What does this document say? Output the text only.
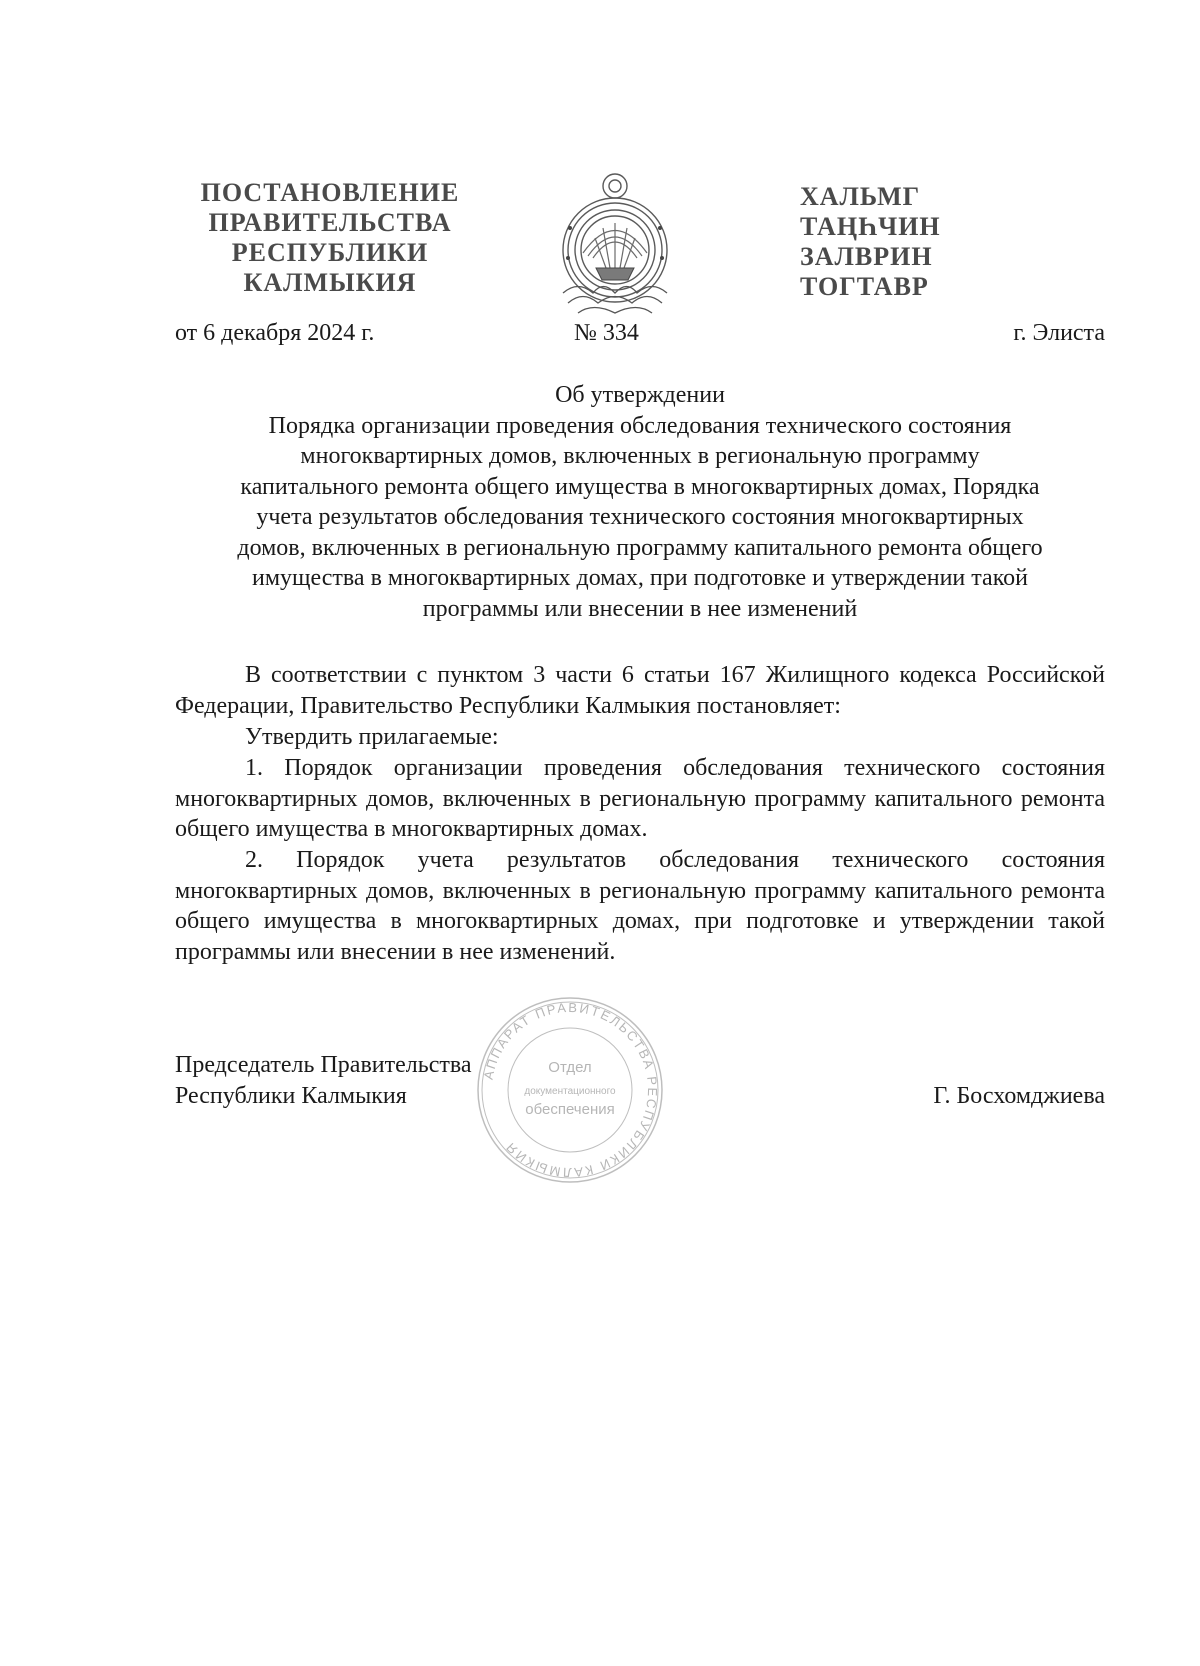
ПОСТАНОВЛЕНИЕ
ПРАВИТЕЛЬСТВА
РЕСПУБЛИКИ
КАЛМЫКИЯ
ХАЛЬМГ
ТАҢҺЧИН
ЗАЛВРИН
ТОГТАВР
от 6 декабря 2024 г.	№ 334	г. Элиста
Об утверждении
Порядка организации проведения обследования технического состояния
многоквартирных домов, включенных в региональную программу
капитального ремонта общего имущества в многоквартирных домах, Порядка
учета результатов обследования технического состояния многоквартирных
домов, включенных в региональную программу капитального ремонта общего
имущества в многоквартирных домах, при подготовке и утверждении такой
программы или внесении в нее изменений
В соответствии с пунктом 3 части 6 статьи 167 Жилищного кодекса Российской Федерации, Правительство Республики Калмыкия постановляет:
Утвердить прилагаемые:
1. Порядок организации проведения обследования технического состояния многоквартирных домов, включенных в региональную программу капитального ремонта общего имущества в многоквартирных домах.
2. Порядок учета результатов обследования технического состояния многоквартирных домов, включенных в региональную программу капитального ремонта общего имущества в многоквартирных домах, при подготовке и утверждении такой программы или внесении в нее изменений.
АППАРАТ ПРАВИТЕЛЬСТВА РЕСПУБЛИКИ КАЛМЫКИЯ
Отдел
документационного
обеспечения
Председатель Правительства
Республики Калмыкия	Г. Босхомджиева
